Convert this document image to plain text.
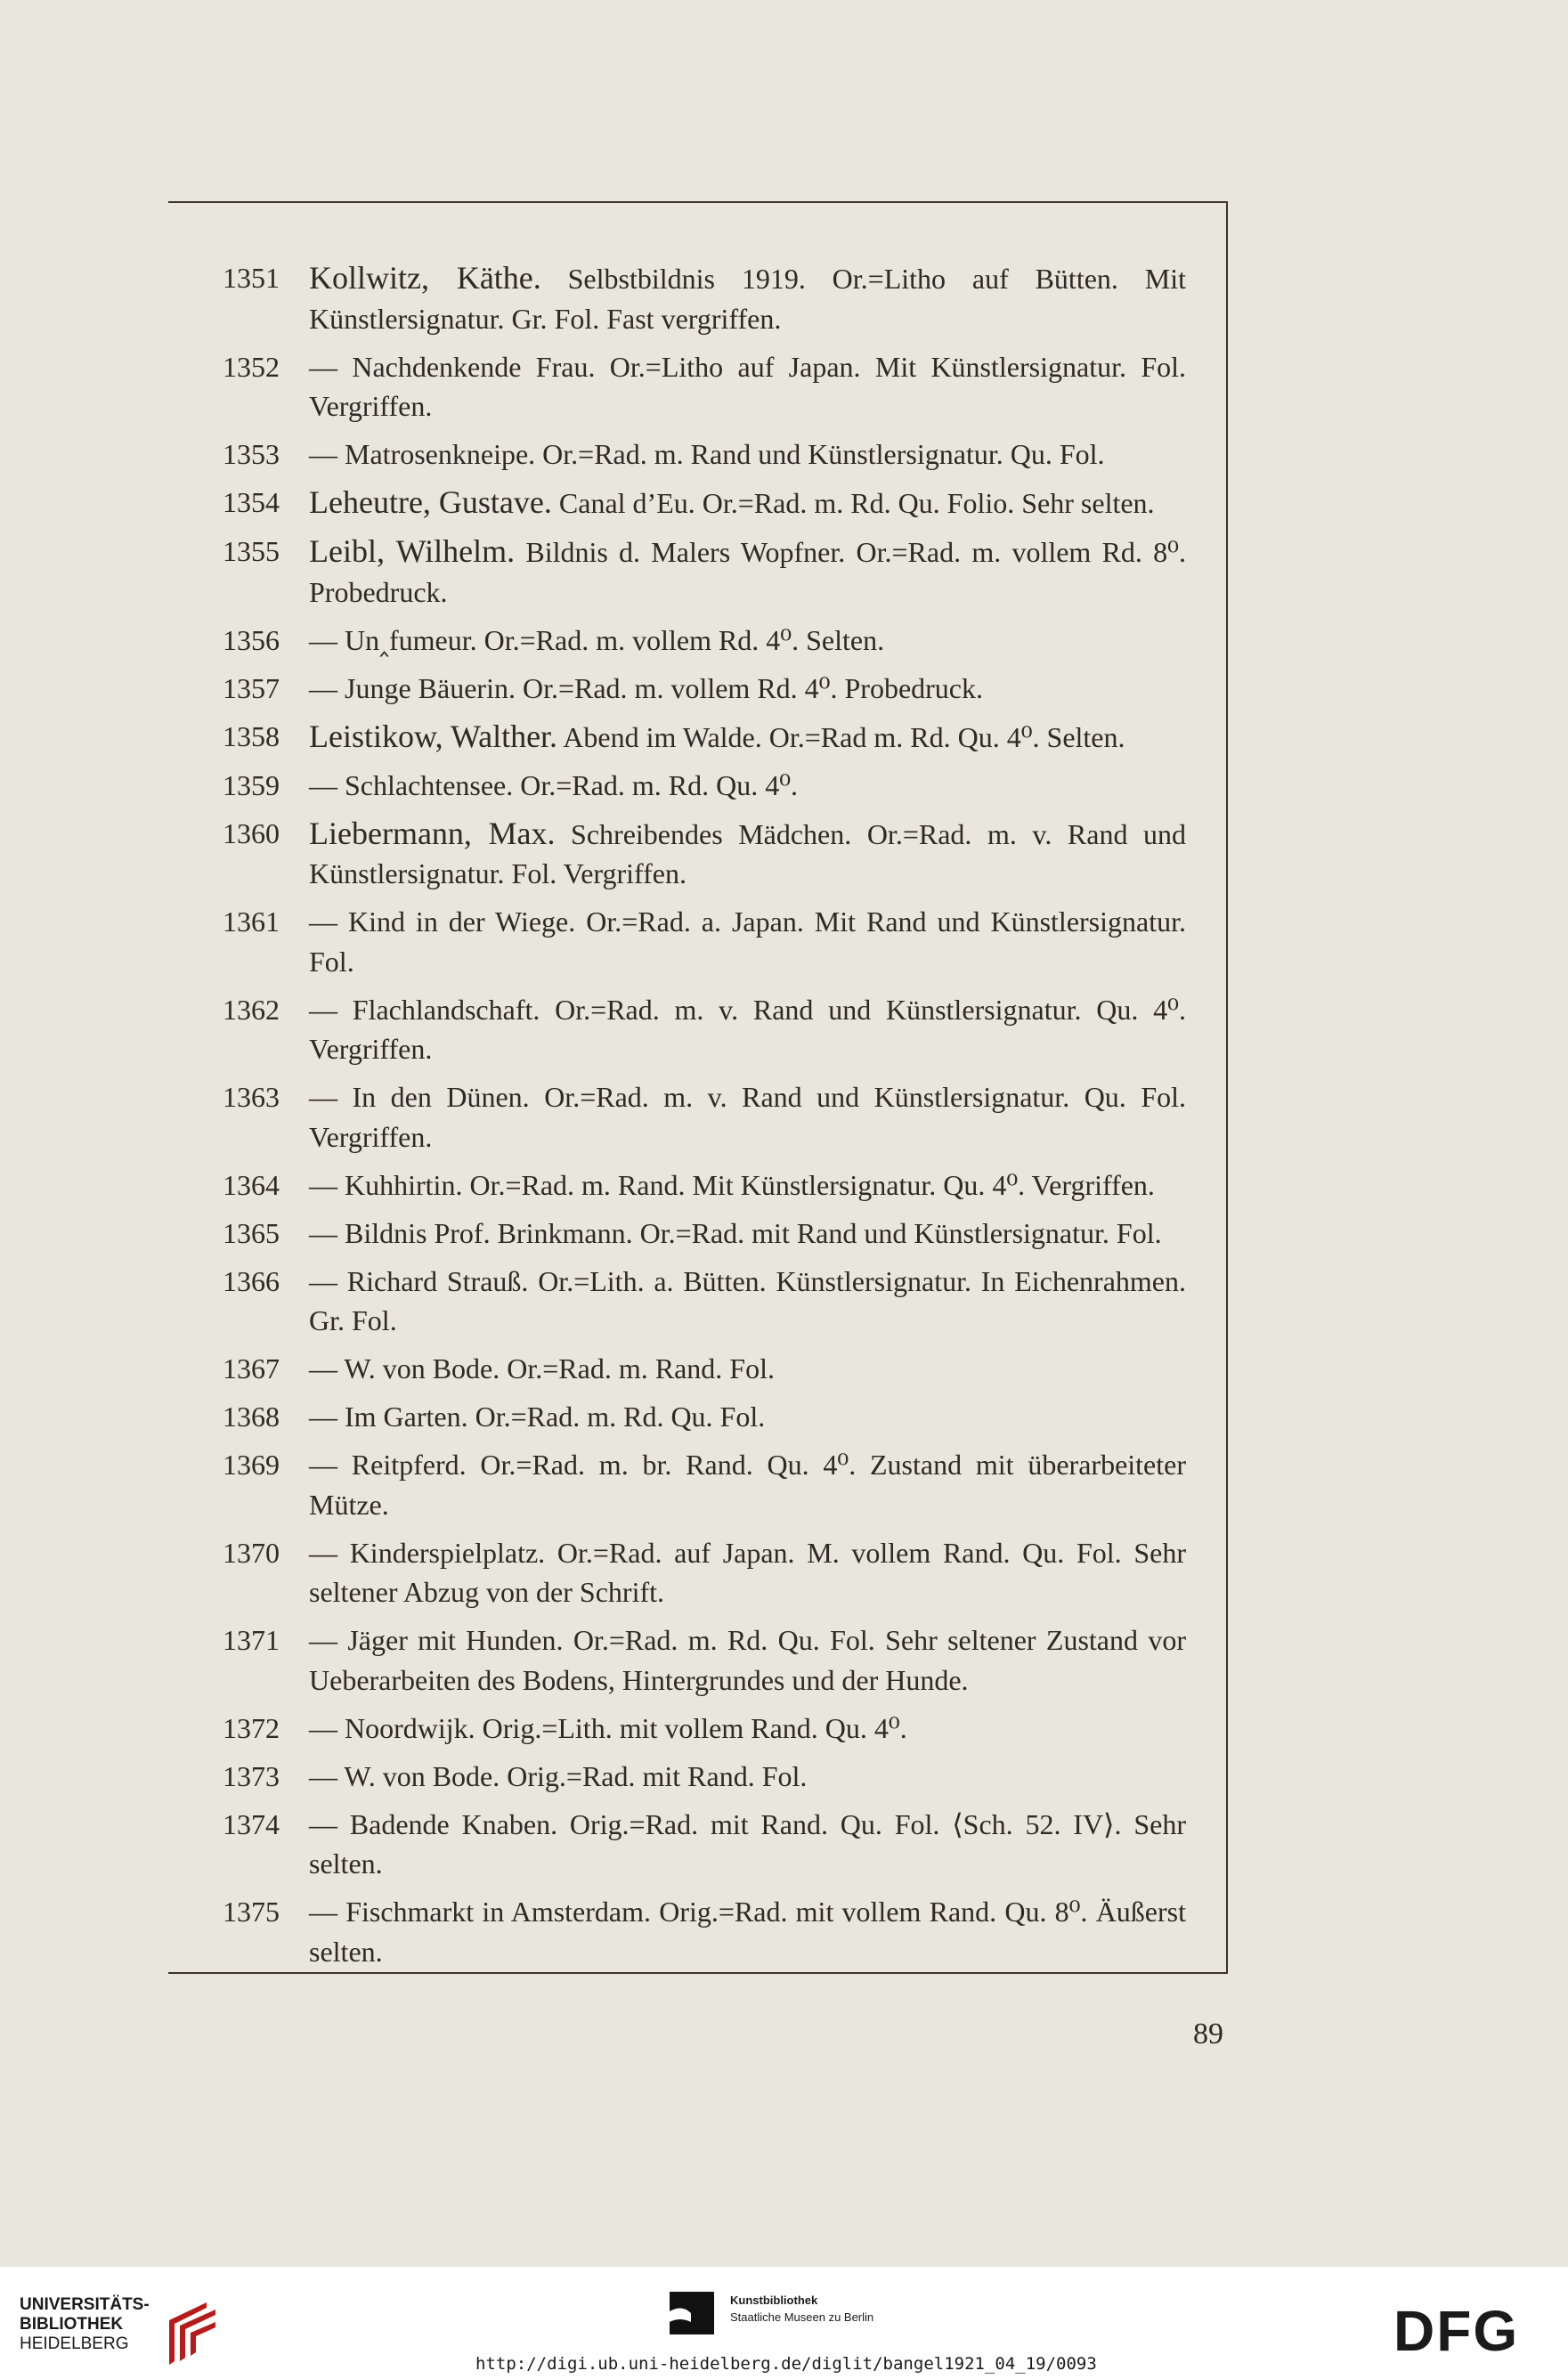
1351 Kollwitz, Käthe. Selbstbildnis 1919. Or.=Litho auf Bütten. Mit Künstlersignatur. Gr. Fol. Fast vergriffen.
1352	— Nachdenkende Frau. Or.=Litho auf Japan. Mit Künstlersignatur. Fol. Vergriffen.
1353	— Matrosenkneipe. Or.=Rad. m. Rand und Künstlersignatur. Qu. Fol.
1354 Leheutre, Gustave. Canal d’Eu. Or.=Rad. m. Rd. Qu. Folio. Sehr selten.
1355 Leibl, Wilhelm. Bildnis d. Malers Wopfner. Or.=Rad. m. vollem Rd. 8⁰. Probedruck.
1356	— Un‸fumeur. Or.=Rad. m. vollem Rd. 4⁰. Selten.
1357	— Junge Bäuerin. Or.=Rad. m. vollem Rd. 4⁰. Probedruck.
1358 Leistikow, Walther. Abend im Walde. Or.=Rad m. Rd. Qu. 4⁰. Selten.
1359	— Schlachtensee. Or.=Rad. m. Rd. Qu. 4⁰.
1360 Liebermann, Max. Schreibendes Mädchen. Or.=Rad. m. v. Rand und Künstlersignatur. Fol. Vergriffen.
1361	— Kind in der Wiege. Or.=Rad. a. Japan. Mit Rand und Künstlersignatur. Fol.
1362	— Flachlandschaft. Or.=Rad. m. v. Rand und Künstlersignatur. Qu. 4⁰. Vergriffen.
1363	— In den Dünen. Or.=Rad. m. v. Rand und Künstlersignatur. Qu. Fol. Vergriffen.
1364	— Kuhhirtin. Or.=Rad. m. Rand. Mit Künstlersignatur. Qu. 4⁰. Vergriffen.
1365	— Bildnis Prof. Brinkmann. Or.=Rad. mit Rand und Künstlersignatur. Fol.
1366	— Richard Strauß. Or.=Lith. a. Bütten. Künstlersignatur. In Eichenrahmen. Gr. Fol.
1367	— W. von Bode. Or.=Rad. m. Rand. Fol.
1368	— Im Garten. Or.=Rad. m. Rd. Qu. Fol.
1369	— Reitpferd. Or.=Rad. m. br. Rand. Qu. 4⁰. Zustand mit überarbeiteter Mütze.
1370	— Kinderspielplatz. Or.=Rad. auf Japan. M. vollem Rand. Qu. Fol. Sehr seltener Abzug von der Schrift.
1371	— Jäger mit Hunden. Or.=Rad. m. Rd. Qu. Fol. Sehr seltener Zustand vor Ueberarbeiten des Bodens, Hintergrundes und der Hunde.
1372	— Noordwijk. Orig.=Lith. mit vollem Rand. Qu. 4⁰.
1373	— W. von Bode. Orig.=Rad. mit Rand. Fol.
1374	— Badende Knaben. Orig.=Rad. mit Rand. Qu. Fol. ⟨Sch. 52. IV⟩. Sehr selten.
1375	— Fischmarkt in Amsterdam. Orig.=Rad. mit vollem Rand. Qu. 8⁰. Äußerst selten.
89
UNIVERSITÄTS-
BIBLIOTHEK
HEIDELBERG
Kunstbibliothek
Staatliche Museen zu Berlin	DFG
http://digi.ub.uni-heidelberg.de/diglit/bangel1921_04_19/0093
